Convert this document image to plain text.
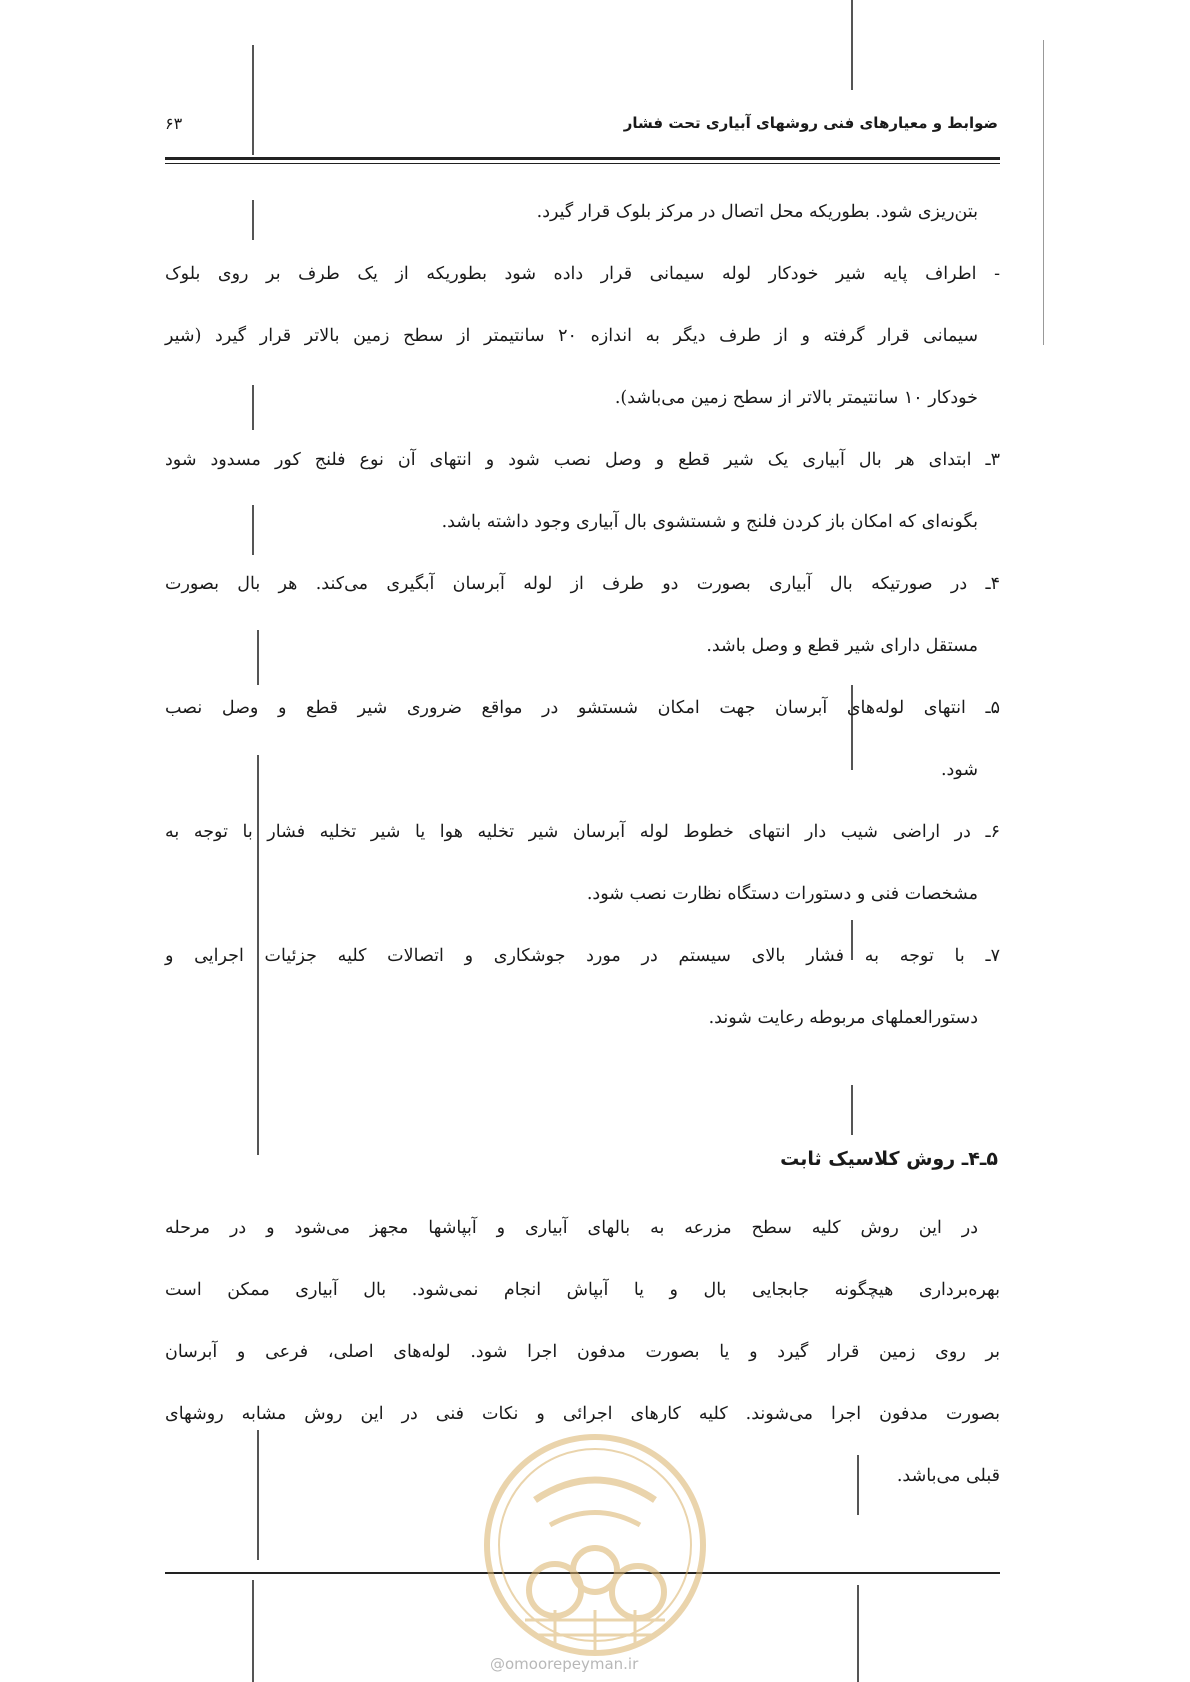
ضوابط و معیارهای فنی روشهای آبیاری تحت فشار
۶۳
بتن‌ریزی شود. بطوریکه محل اتصال در مرکز بلوک قرار گیرد.
- اطراف پایه شیر خودکار لوله سیمانی قرار داده شود بطوریکه از یک طرف بر روی بلوک
سیمانی قرار گرفته و از طرف دیگر به اندازه ۲۰ سانتیمتر از سطح زمین بالاتر قرار گیرد (شیر
خودکار ۱۰ سانتیمتر بالاتر از سطح زمین می‌باشد).
۳ـ ابتدای هر بال آبیاری یک شیر قطع و وصل نصب شود و انتهای آن نوع فلنج کور مسدود شود
بگونه‌ای که امکان باز کردن فلنج و شستشوی بال آبیاری وجود داشته باشد.
۴ـ در صورتیکه بال آبیاری بصورت دو طرف از لوله آبرسان آبگیری می‌کند. هر بال بصورت
مستقل دارای شیر قطع و وصل باشد.
۵ـ انتهای لوله‌های آبرسان جهت امکان شستشو در مواقع ضروری شیر قطع و وصل نصب
شود.
۶ـ در اراضی شیب دار انتهای خطوط لوله آبرسان شیر تخلیه هوا یا شیر تخلیه فشار با توجه به
مشخصات فنی و دستورات دستگاه نظارت نصب شود.
۷ـ با توجه به فشار بالای سیستم در مورد جوشکاری و اتصالات کلیه جزئیات اجرایی و
دستورالعملهای مربوطه رعایت شوند.
۵ـ۴ـ روش کلاسیک ثابت
در این روش کلیه سطح مزرعه به بالهای آبیاری و آبپاشها مجهز می‌شود و در مرحله
بهره‌برداری هیچگونه جابجایی بال و یا آبپاش انجام نمی‌شود. بال آبیاری ممکن است
بر روی زمین قرار گیرد و یا بصورت مدفون اجرا شود. لوله‌های اصلی، فرعی و آبرسان
بصورت مدفون اجرا می‌شوند. کلیه کارهای اجرائی و نکات فنی در این روش مشابه روشهای
قبلی می‌باشد.
@omoorepeyman.ir
